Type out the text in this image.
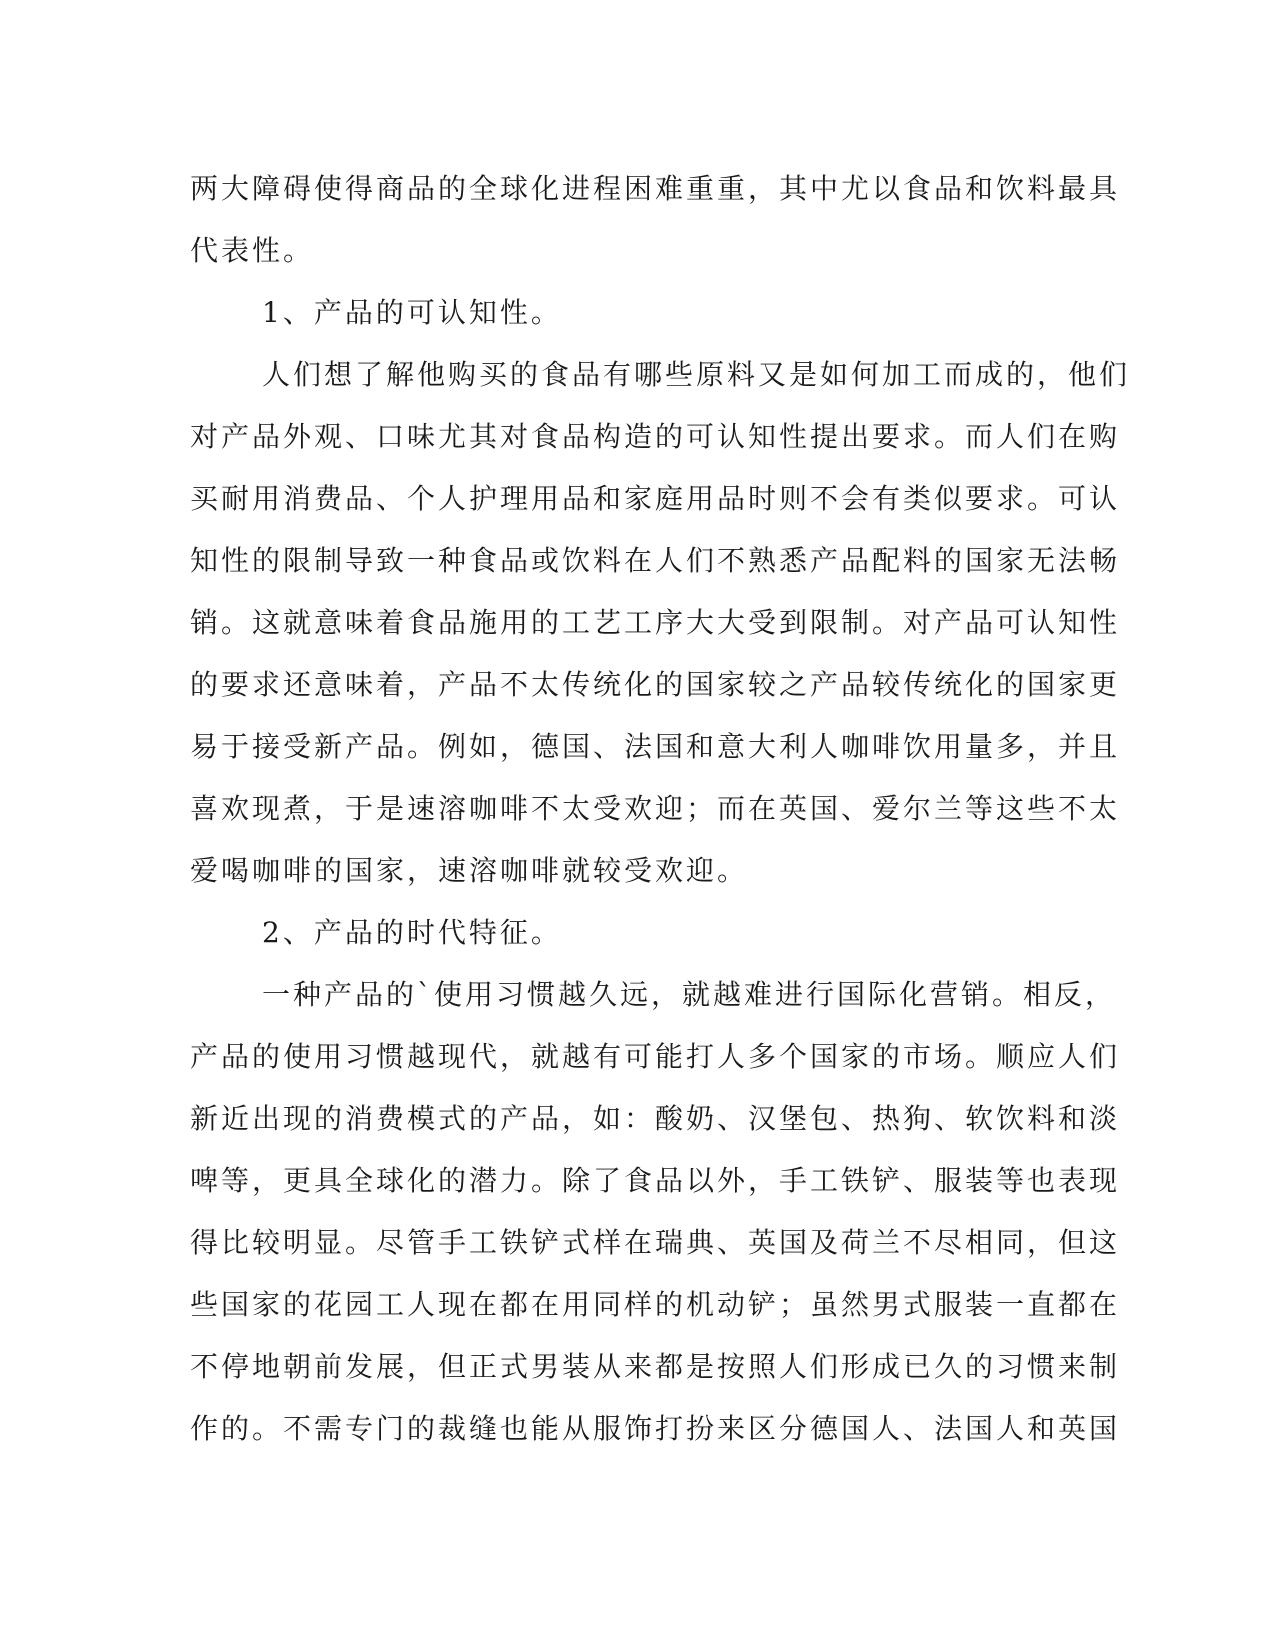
两大障碍使得商品的全球化进程困难重重，其中尤以食品和饮料最具
代表性。
1、产品的可认知性。
人们想了解他购买的食品有哪些原料又是如何加工而成的，他们
对产品外观、口味尤其对食品构造的可认知性提出要求。而人们在购
买耐用消费品、个人护理用品和家庭用品时则不会有类似要求。可认
知性的限制导致一种食品或饮料在人们不熟悉产品配料的国家无法畅
销。这就意味着食品施用的工艺工序大大受到限制。对产品可认知性
的要求还意味着，产品不太传统化的国家较之产品较传统化的国家更
易于接受新产品。例如，德国、法国和意大利人咖啡饮用量多，并且
喜欢现煮，于是速溶咖啡不太受欢迎；而在英国、爱尔兰等这些不太
爱喝咖啡的国家，速溶咖啡就较受欢迎。
2、产品的时代特征。
一种产品的`使用习惯越久远，就越难进行国际化营销。相反，
产品的使用习惯越现代，就越有可能打人多个国家的市场。顺应人们
新近出现的消费模式的产品，如：酸奶、汉堡包、热狗、软饮料和淡
啤等，更具全球化的潜力。除了食品以外，手工铁铲、服装等也表现
得比较明显。尽管手工铁铲式样在瑞典、英国及荷兰不尽相同，但这
些国家的花园工人现在都在用同样的机动铲；虽然男式服装一直都在
不停地朝前发展，但正式男装从来都是按照人们形成已久的习惯来制
作的。不需专门的裁缝也能从服饰打扮来区分德国人、法国人和英国
